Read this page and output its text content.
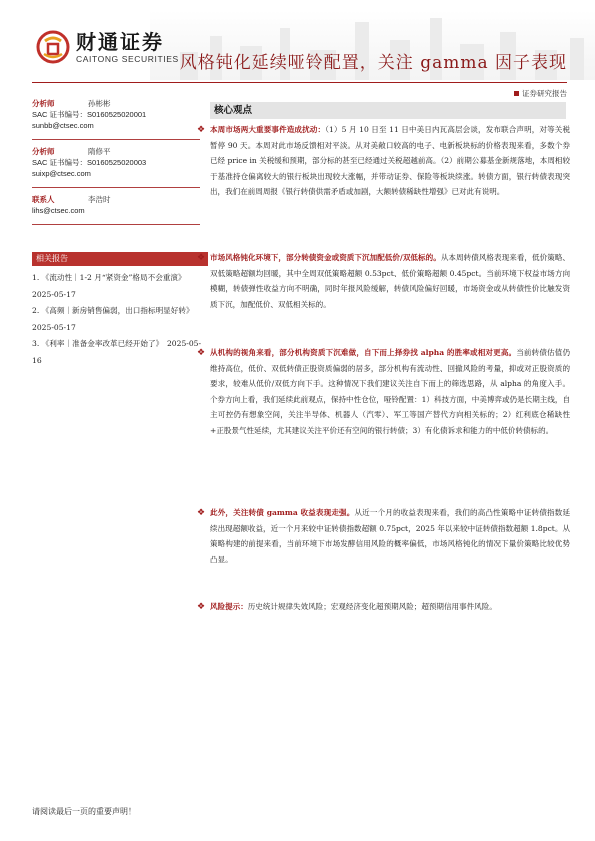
财通证券
CAITONG SECURITIES 风格钝化延续哑铃配置，关注 gamma 因子表现
证券研究报告
分析师	孙彬彬
SAC 证书编号：S0160525020001
sunbb@ctsec.com
分析师	隋修平
SAC 证书编号：S0160525020003
suixp@ctsec.com
联系人	李浩时
lihs@ctsec.com
相关报告
1. 《流动性｜1-2 月“紧资金”格局不会重演》　2025-05-17
2. 《高频｜新房销售偏弱，出口指标明显好转》　2025-05-17
3. 《利率｜准备金率改革已经开始了》　2025-05-16
核心观点
❖ 本周市场两大重要事件造成扰动：（1）5 月 10 日至 11 日中美日内瓦高层会谈，发布联合声明，对等关税暂停 90 天。本周对此市场反馈相对平淡。从对美敞口较高的电子、电新板块标的价格表现来看，多数个券已经 price in 关税缓和预期，部分标的甚至已经通过关税超越前高。（2）前期公募基金新规落地，本周相较于基准持仓偏离较大的银行板块出现较大涨幅，并带动证券、保险等板块续涨。转债方面，银行转债表现突出，我们在前周周报《银行转债供需矛盾或加剧，大额转债稀缺性增强》已对此有说明。
❖ 市场风格钝化环境下，部分转债资金或资质下沉加配低价/双低标的。从本周转债风格表现来看，低价策略、双低策略超额均回暖，其中全周双低策略超额 0.53pct、低价策略超额 0.45pct。当前环境下权益市场方向模糊，转债弹性收益方向不明确，同时年报风险缓解，转债风险偏好回暖，市场资金或从转债性价比触发资质下沉，加配低价、双低相关标的。
❖ 从机构的视角来看，部分机构资质下沉难做，自下而上择券找 alpha 的胜率或相对更高。当前转债估值仍维持高位，低价、双低转债正股资质偏弱的居多，部分机构有流动性、回撤风险的考量，抑或对正股资质的要求，较难从低价/双低方向下手。这种情况下我们建议关注自下而上的筛选思路，从 alpha 的角度入手。个券方向上看，我们延续此前观点，保持中性仓位，哑铃配置：1）科技方面，中美博弈或仍是长期主线，自主可控仍有想象空间，关注半导体、机器人（汽零）、军工等国产替代方向相关标的；2）红利底仓稀缺性+正股景气性延续，尤其建议关注平价还有空间的银行转债；3）有化债诉求和能力的中低价转债标的。
❖ 此外，关注转债 gamma 收益表现走强。从近一个月的收益表现来看，我们的高凸性策略中证转债指数延续出现超额收益，近一个月来较中证转债指数超额 0.75pct，2025 年以来较中证转债指数超额 1.8pct。从策略构建的前提来看，当前环境下市场发酵信用风险的概率偏低，市场风格钝化的情况下量价策略比较优势凸显。
❖ 风险提示：历史统计规律失效风险；宏观经济变化超预期风险；超预期信用事件风险。
请阅读最后一页的重要声明！
